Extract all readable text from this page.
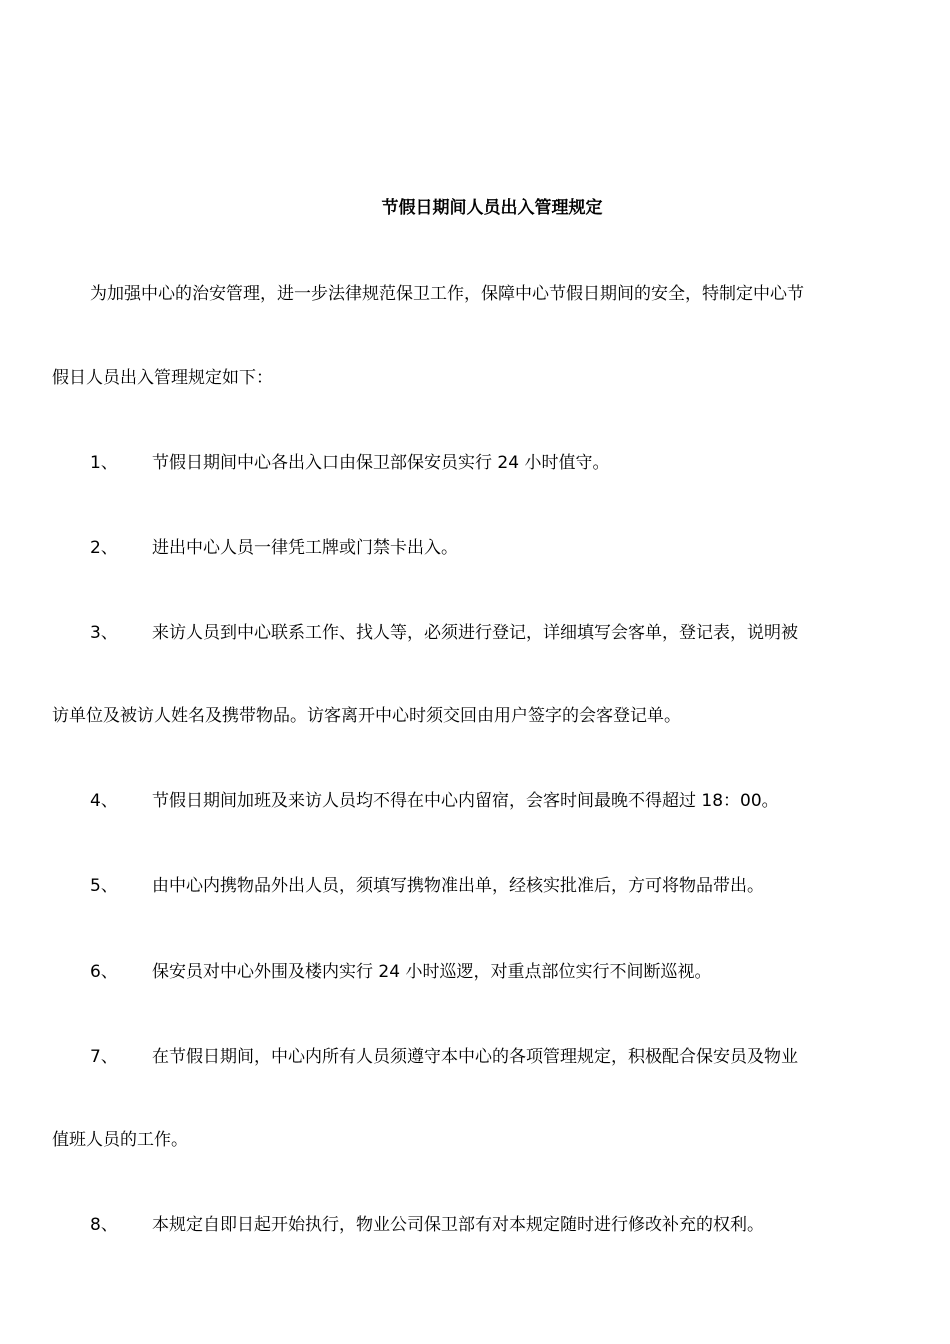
节假日期间人员出入管理规定
为加强中心的治安管理，进一步法律规范保卫工作，保障中心节假日期间的安全，特制定中心节
假日人员出入管理规定如下：
1、 节假日期间中心各出入口由保卫部保安员实行 24 小时值守。
2、 进出中心人员一律凭工牌或门禁卡出入。
3、 来访人员到中心联系工作、找人等，必须进行登记，详细填写会客单，登记表，说明被
访单位及被访人姓名及携带物品。访客离开中心时须交回由用户签字的会客登记单。
4、 节假日期间加班及来访人员均不得在中心内留宿，会客时间最晚不得超过 18：00。
5、 由中心内携物品外出人员，须填写携物准出单，经核实批准后，方可将物品带出。
6、 保安员对中心外围及楼内实行 24 小时巡逻，对重点部位实行不间断巡视。
7、 在节假日期间，中心内所有人员须遵守本中心的各项管理规定，积极配合保安员及物业
值班人员的工作。
8、 本规定自即日起开始执行，物业公司保卫部有对本规定随时进行修改补充的权利。
